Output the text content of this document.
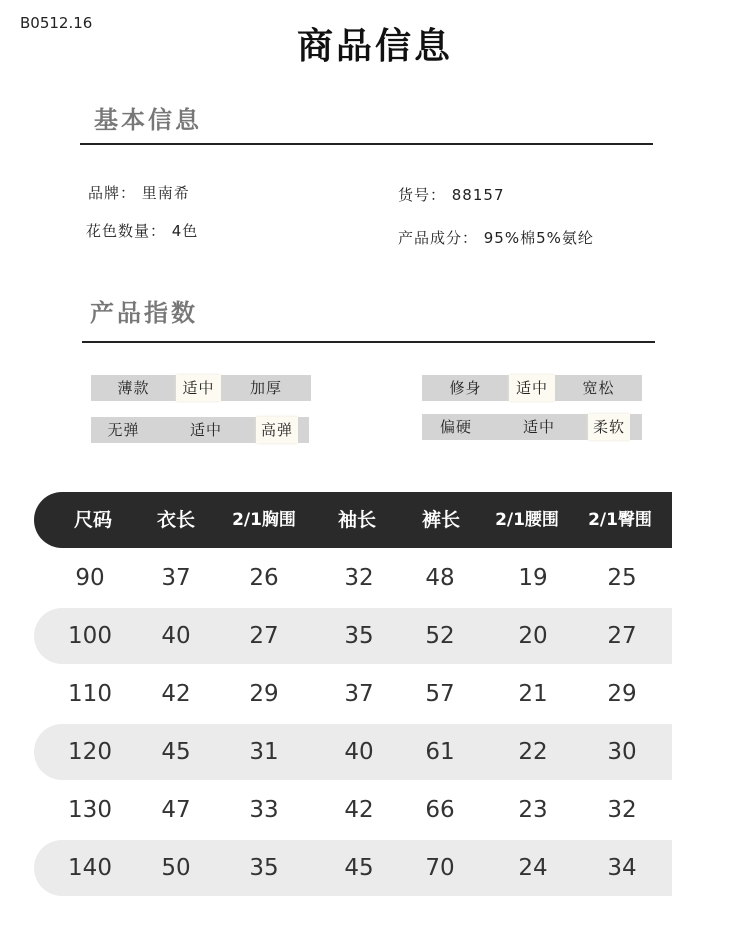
B0512.16
商品信息
基本信息
品牌： 里南希	货号： 88157
花色数量： 4色	产品成分： 95%棉5%氨纶
产品指数
薄款	适中	加厚
无弹	适中	高弹
修身	适中	宽松
偏硬	适中	柔软
尺码 衣长 2/1胸围 袖长 裤长 2/1腰围 2/1臀围
90 37	26	32 48	19	25
100 40	27	35 52	20	27
110 42	29	37 57	21	29
120 45	31	40 61	22	30
130 47	33	42 66	23	32
140 50	35	45 70	24	34
